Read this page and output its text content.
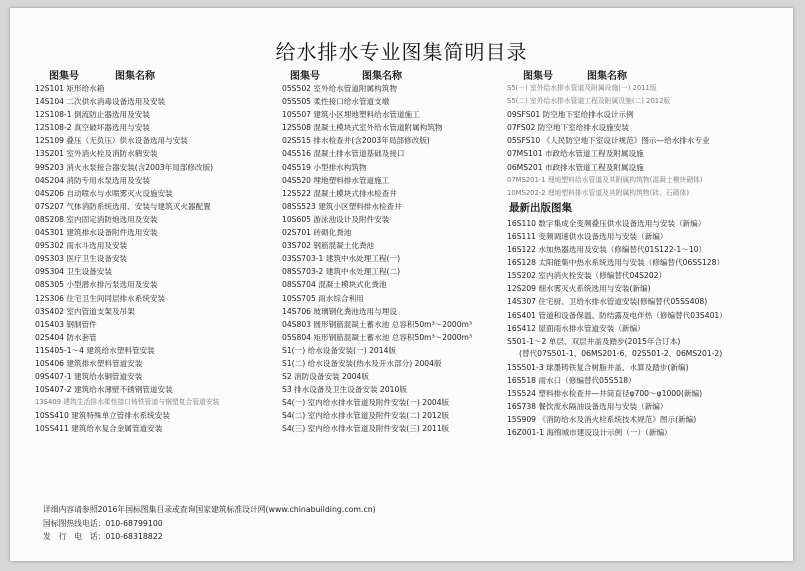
给水排水专业图集简明目录
图集号	图集名称
12S101 矩形给水箱
14S104 二次供水消毒设备选用及安装
12S108-1 倒流防止器选用及安装
12S108-2 真空破坏器选用与安装
12S109 叠压（无负压）供水设备选用与安装
13S201 室外消火栓及消防水鹤安装
99S203 消火水泵接合器安装(含2003年局部修改版)
04S204 消防专用水泵选用及安装
04S206 自动喷水与水喷雾灭火设施安装
07S207 气体消防系统选用、安装与建筑灭火器配置
08S208 室内固定消防炮选用及安装
04S301 建筑排水设备附件选用安装
09S302 雨水斗选用及安装
09S303 医疗卫生设备安装
09S304 卫生设备安装
08S305 小型潜水排污泵选用及安装
12S306 住宅卫生间同层排水系统安装
03S402 室内管道支架及吊架
01S403 钢制管件
02S404 防水套管
11S405-1～4 建筑给水塑料管安装
10S406 建筑排水塑料管道安装
09S407-1 建筑给水铜管道安装
10S407-2 建筑给水薄壁不锈钢管道安装
13S409 建筑生活排水柔性接口铸铁管道与钢塑复合管道安装
10SS410 建筑特殊单立管排水系统安装
10SS411 建筑给水复合金属管道安装
图集号	图集名称
05S502 室外给水管道附属构筑物
05S505 柔性接口给水管道支墩
10S507 建筑小区埋地塑料给水管道施工
12S508 混凝土模块式室外给水管道附属构筑物
02S515 排水检查井(含2003年局部修改版)
04S516 混凝土排水管道基础及接口
04S519 小型排水构筑物
04S520 埋地塑料排水管道施工
12S522 混凝土模块式排水检查井
08SS523 建筑小区塑料排水检查井
10S605 游泳池设计及附件安装
02S701 砖砌化粪池
03S702 钢筋混凝土化粪池
03SS703-1 建筑中水处理工程(一)
08SS703-2 建筑中水处理工程(二)
08SS704 混凝土模块式化粪池
10SS705 雨水综合利用
14S706 玻璃钢化粪池选用与埋设
04S803 圆形钢筋混凝土蓄水池 总容积50m³～2000m³
05S804 矩形钢筋混凝土蓄水池 总容积50m³～2000m³
S1(一) 给水设备安装(一) 2014版
S1(二) 给水设备安装(热水及开水部分) 2004版
S2 消防设备安装 2004版
S3 排水设备及卫生设备安装 2010版
S4(一) 室内给水排水管道及附件安装(一) 2004版
S4(二) 室内给水排水管道及附件安装(二) 2012版
S4(三) 室内给水排水管道及附件安装(三) 2011版
图集号	图集名称
S5(一) 室外给水排水管道及附属设施(一) 2011版
S5(二) 室外给水排水管道工程及附属设施(二) 2012版
09SFS01 防空地下室给排水设计示例
07FS02 防空地下室给排水设施安装
05SFS10 《人民防空地下室设计规范》图示—给水排水专业
07MS101 市政给水管道工程及附属设施
06MS201 市政排水管道工程及附属设施
07MS201-1 埋地塑料给水管道及其附属构筑物(混凝土模块砌体)
10MS202-2 埋地塑料排水管道及其附属构筑物(砖、石砌体)
最新出版图集
16S110 数字集成全变频叠压供水设备选用与安装（新编）
16S111 变频调速供水设备选用与安装（新编）
16S122 水加热器选用及安装（修编替代01S122-1～10）
16S128 太阳能集中热水系统选用与安装（修编替代06SS128）
15S202 室内消火栓安装（修编替代04S202）
12S209 细水雾灭火系统选用与安装(新编)
14S307 住宅厨、卫给水排水管道安装(修编替代05SS408)
16S401 管道和设备保温、防结露及电伴热（修编替代03S401）
16S412 屋面雨水排水管道安装（新编）
S501-1～2 单层、双层井盖及踏步(2015年合订本)
(替代07S501-1、06MS201-6、02S501-2、06MS201-2)
15S501-3 球墨铸铁复合树脂井盖、水算及踏步(新编)
16S518 雨水口（修编替代05S518）
15S524 塑料排水检查井—井筒直径φ700～φ1000(新编)
16S738 餐饮废水隔油设备选用与安装（新编）
15S909 《消防给水及消火栓系统技术规范》图示(新编)
16Z001-1 海绵城市建设设计示例（一）（新编）
详细内容请参照2016年国标图集目录或查询国家建筑标准设计网(www.chinabuilding.com.cn)
国标图热线电话：010-68799100
发　行　电　话：010-68318822
